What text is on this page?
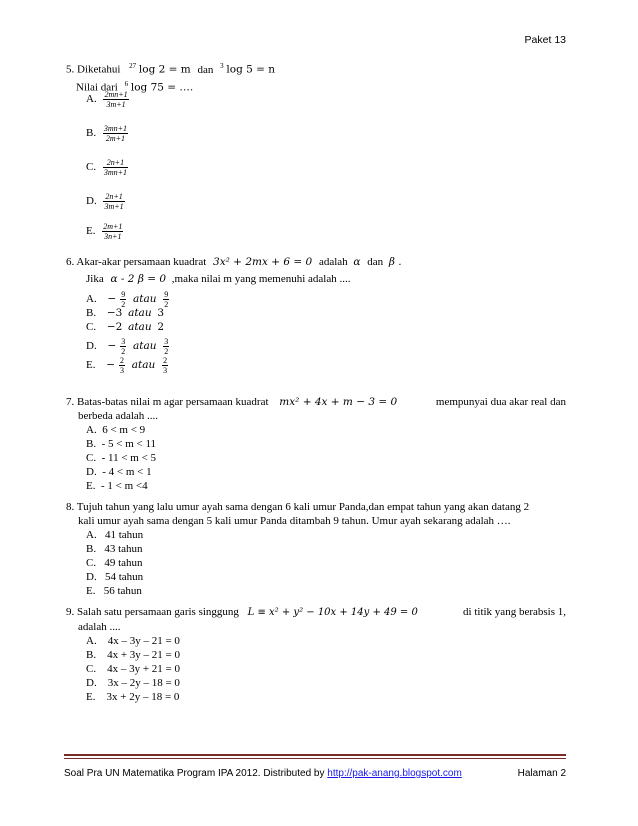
Paket 13
5. Diketahui $^{27}$ log 2 = m dan $^3$ log 5 = n
Nilai dari $^6$ log 75 = ….
A. $\frac{2mn+1}{3m+1}$
B. $\frac{3mn+1}{2m+1}$
C. $\frac{2n+1}{3mn+1}$
D. $\frac{2n+1}{3m+1}$
E. $\frac{2m+1}{3n+1}$
6. Akar-akar persamaan kuadrat 3x² + 2mx + 6 = 0 adalah α dan β .
Jika α - 2 β = 0 ,maka nilai m yang memenuhi adalah ....
A. − $\frac{9}{2}$ atau $\frac{9}{2}$
B. −3 atau 3
C. −2 atau 2
D. − $\frac{3}{2}$ atau $\frac{3}{2}$
E. − $\frac{2}{3}$ atau $\frac{2}{3}$
7. Batas-batas nilai m agar persamaan kuadrat mx² + 4x + m − 3 = 0	mempunyai dua akar real dan
berbeda adalah ....
A. 6 < m < 9
B. - 5 < m < 11
C. - 11 < m < 5
D. - 4 < m < 1
E. - 1 < m <4
8. Tujuh tahun yang lalu umur ayah sama dengan 6 kali umur Panda,dan empat tahun yang akan datang 2
kali umur ayah sama dengan 5 kali umur Panda ditambah 9 tahun. Umur ayah sekarang adalah ….
A. 41 tahun
B. 43 tahun
C. 49 tahun
D. 54 tahun
E. 56 tahun
9. Salah satu persamaan garis singgung L ≡ x² + y² − 10x + 14y + 49 = 0	di titik yang berabsis 1,
adalah ....
A. 4x – 3y – 21 = 0
B. 4x + 3y – 21 = 0
C. 4x – 3y + 21 = 0
D. 3x – 2y – 18 = 0
E. 3x + 2y – 18 = 0
Soal Pra UN Matematika Program IPA 2012. Distributed by http://pak-anang.blogspot.com	Halaman 2
